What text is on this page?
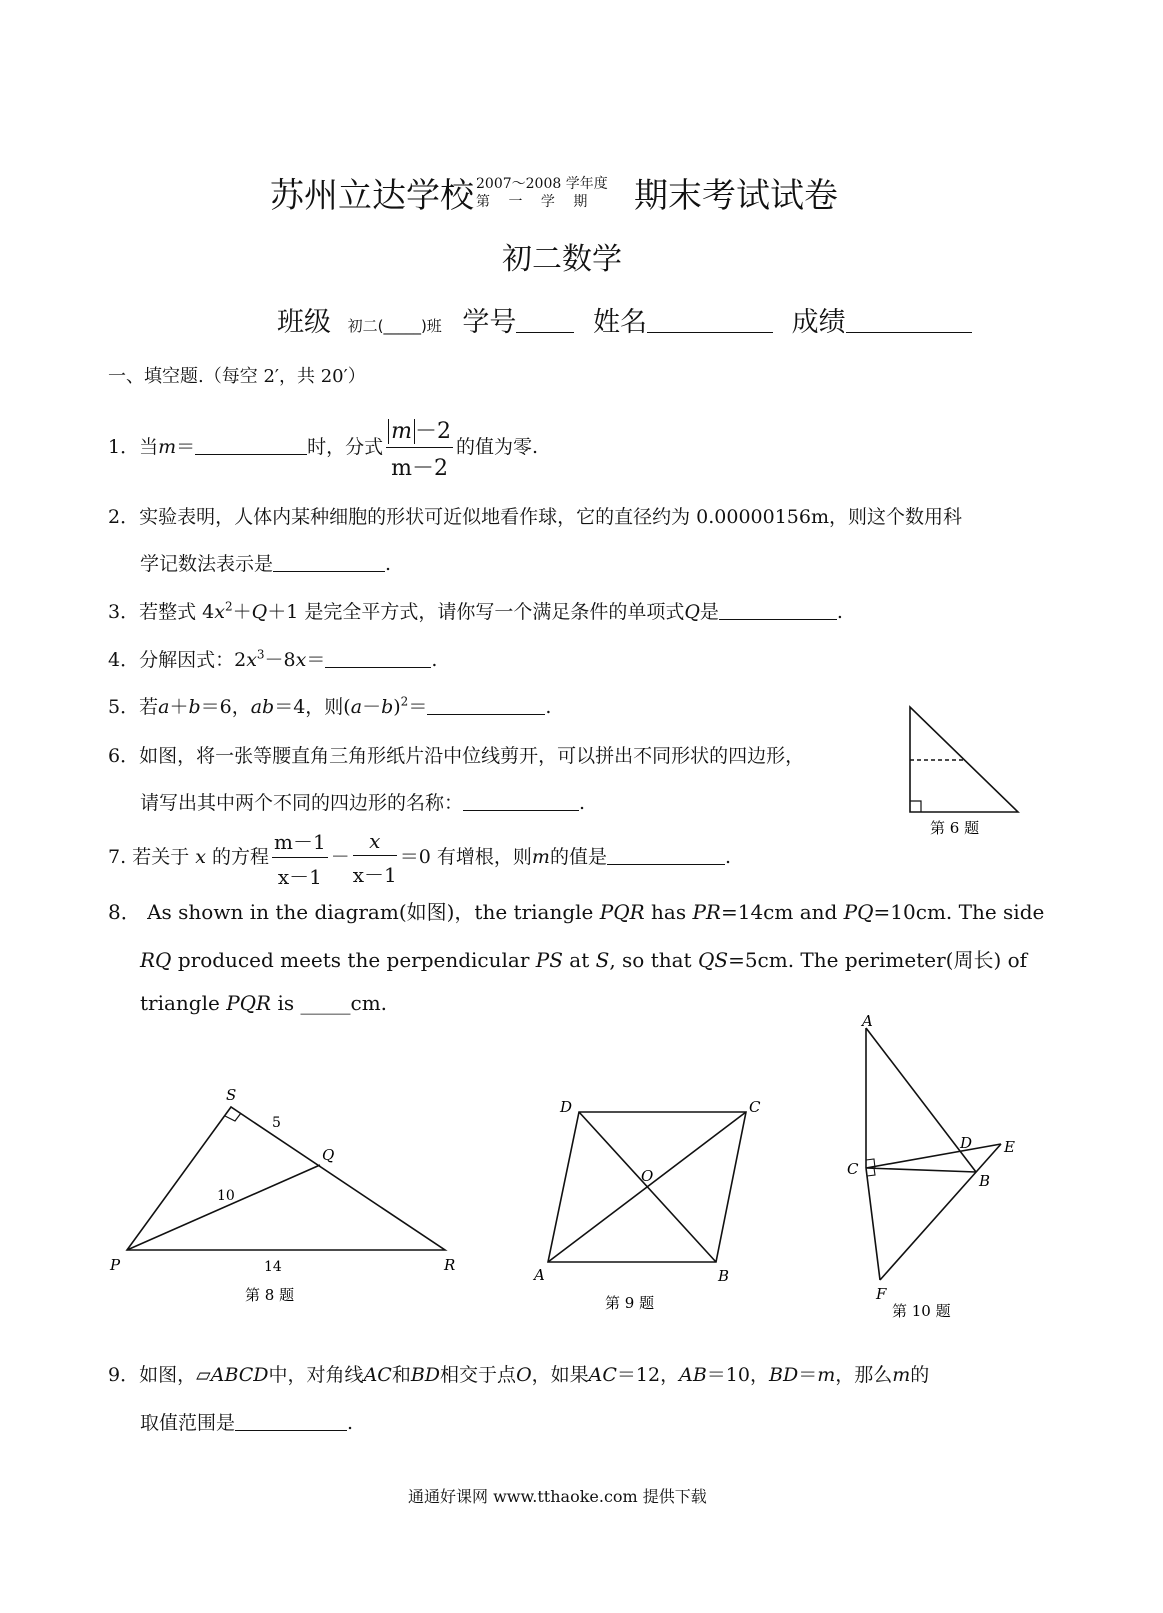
苏州立达学校 2007～2008 学年度
第 一 学 期 期末考试试卷
初二数学
班级 初二(_____)班 学号	姓名	成绩
一、填空题.（每空 2′，共 20′）
1．当m＝	时，分式 $\frac{m -2}{m-2}$ 的值为零.
2．实验表明，人体内某种细胞的形状可近似地看作球，它的直径约为 0.00000156m，则这个数用科
学记数法表示是	.
3．若整式 $4x^2+Q+1$ 是完全平方式，请你写一个满足条件的单项式Q是	.
4．分解因式：$2x^3-8x=$	.
5．若a＋b＝6，ab＝4，则$(a-b)^2=$	.
6．如图，将一张等腰直角三角形纸片沿中位线剪开，可以拼出不同形状的四边形，
请写出其中两个不同的四边形的名称：	.
第 6 题
7. 若关于 x 的方程 $\frac{m-1}{x-1} - \frac{x}{x-1} =0$ 有增根，则m的值是	.
8． As shown in the diagram(如图)，the triangle PQR has PR=14cm and PQ=10cm. The side
RQ produced meets the perpendicular PS at S, so that QS=5cm. The perimeter(周长) of
triangle PQR is _____cm.
S
Q
P	R
5
10
14
第 8 题
D	C
A	B
O
第 9 题
A
D E
C
B
F
第 10 题
9．如图，▱ABCD中，对角线AC和BD相交于点O，如果AC＝12，AB＝10，BD＝m，那么m的
取值范围是	.
通通好课网 www.tthaoke.com 提供下载
